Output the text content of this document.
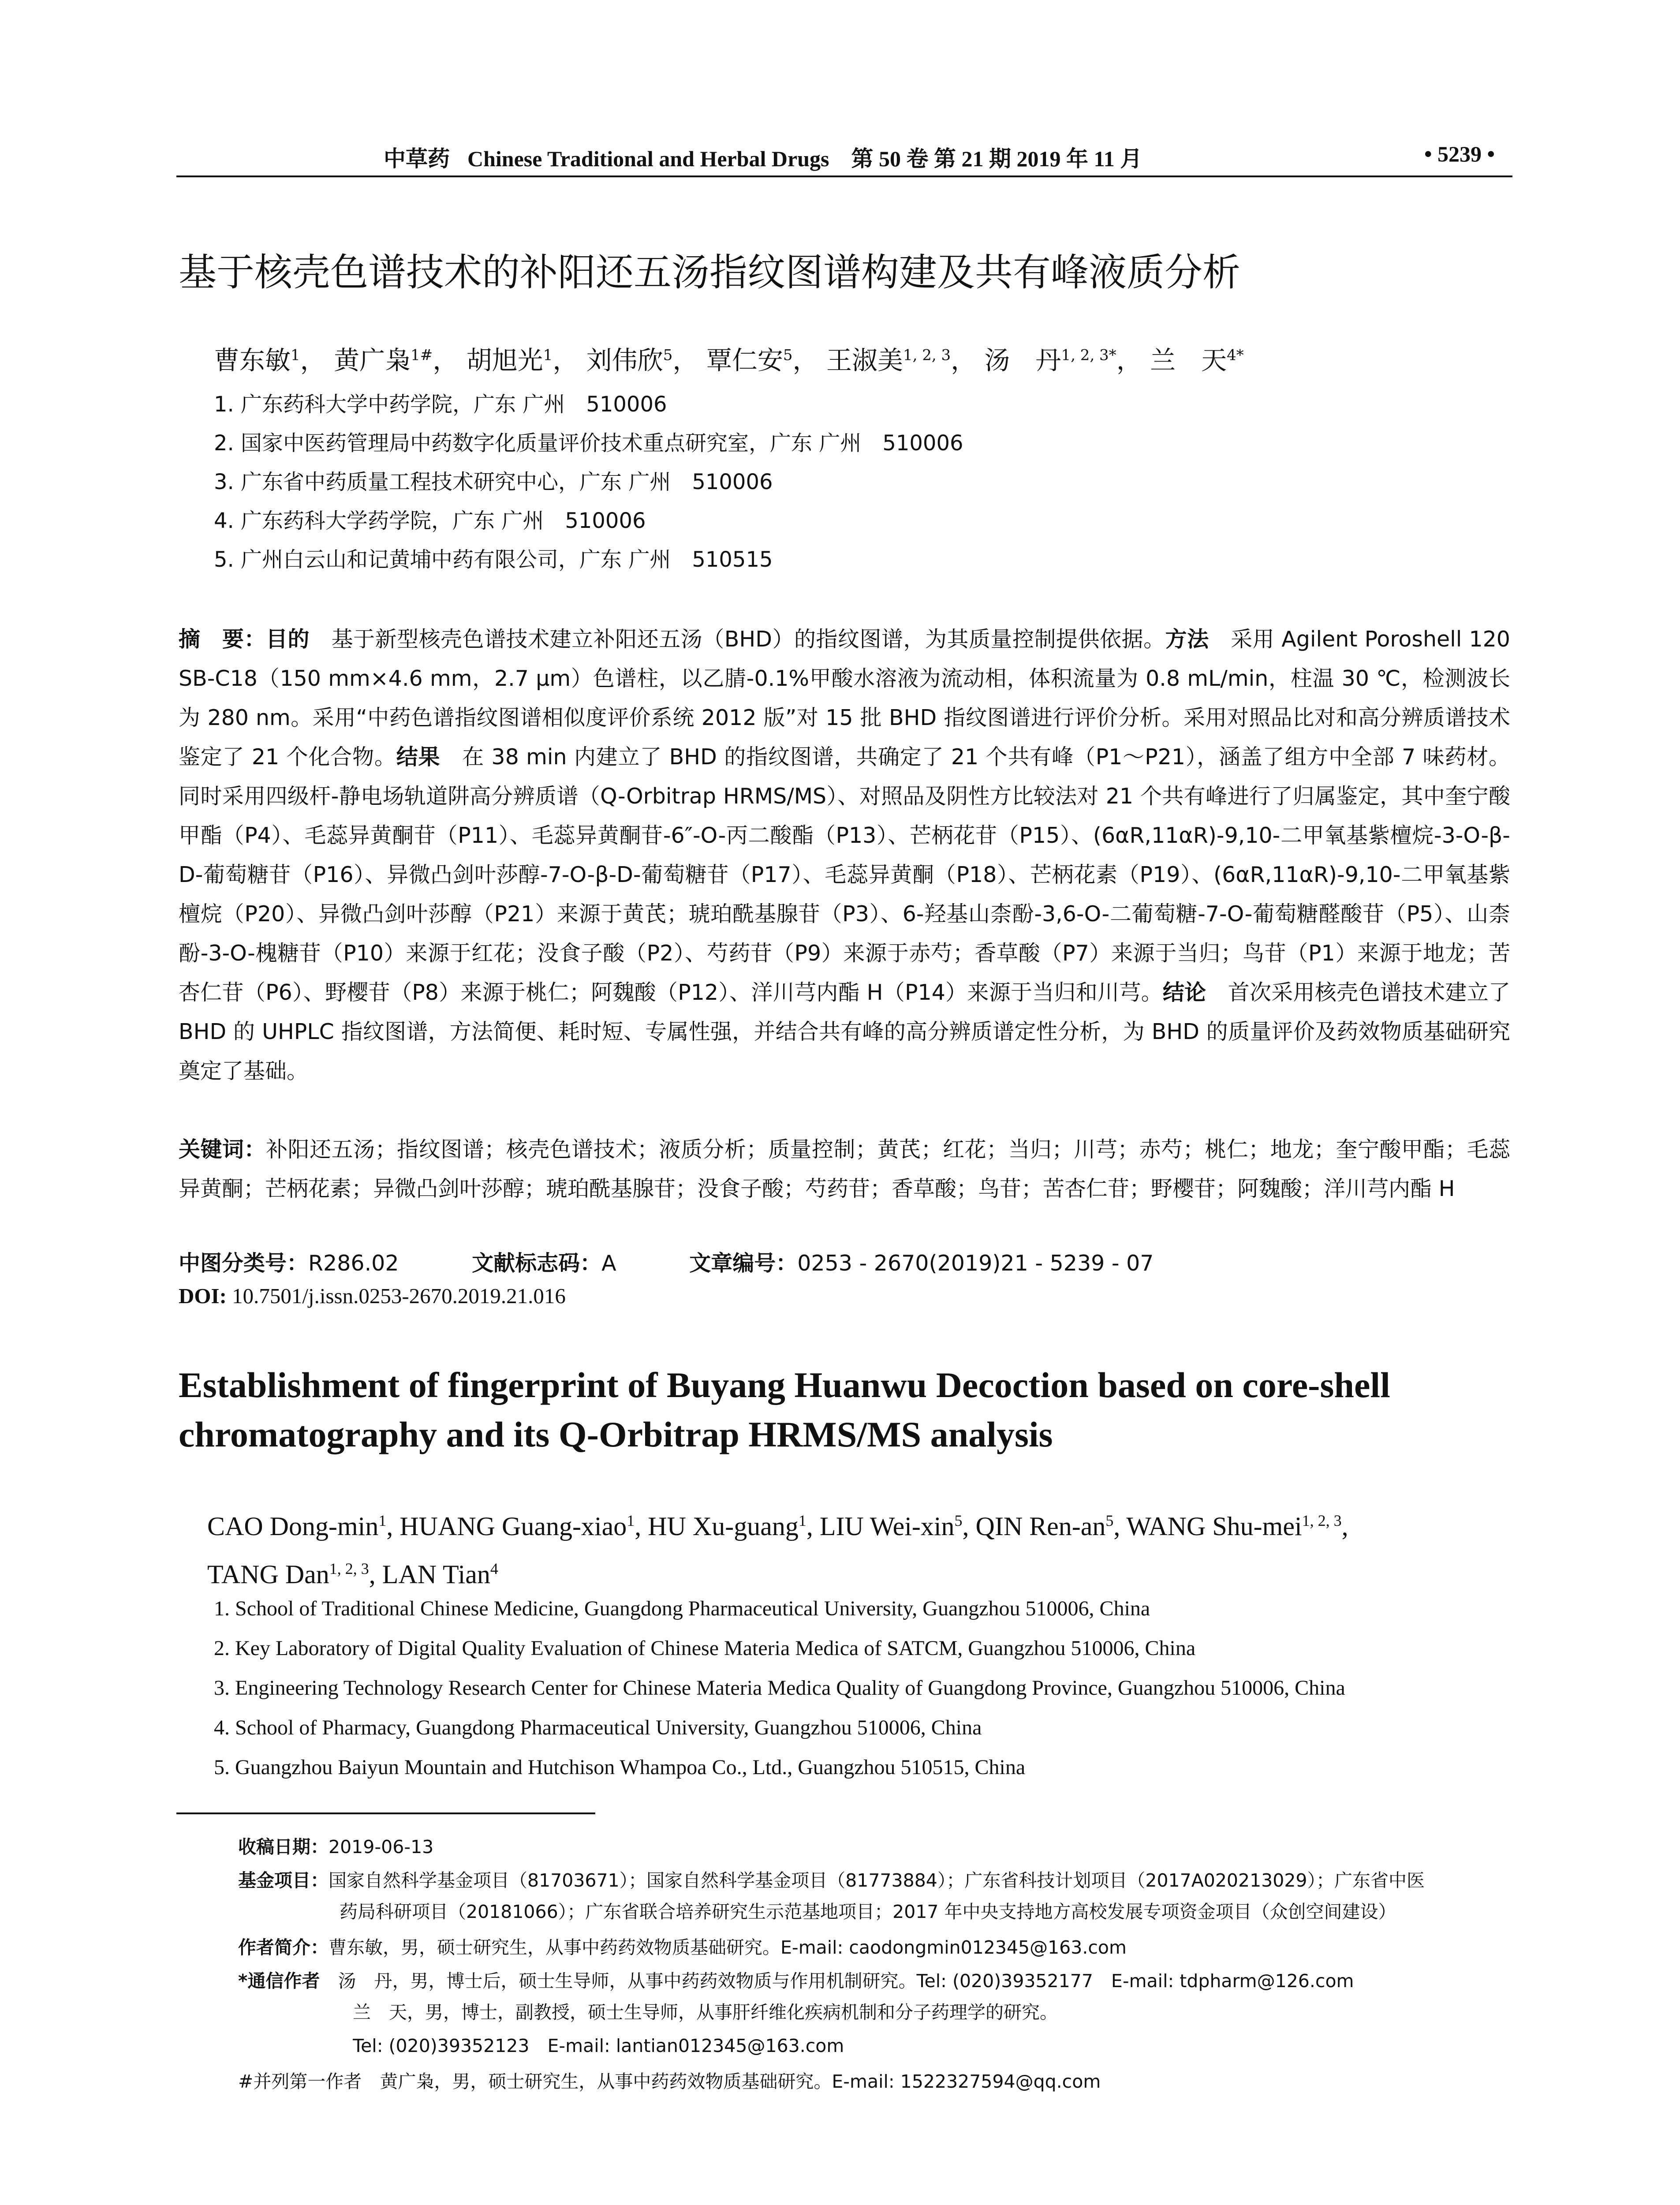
中草药 Chinese Traditional and Herbal Drugs　第 50 卷 第 21 期 2019 年 11 月	• 5239 •
基于核壳色谱技术的补阳还五汤指纹图谱构建及共有峰液质分析
曹东敏$^1$， 黄广枭$^{1\#}$， 胡旭光$^1$， 刘伟欣$^5$， 覃仁安$^5$， 王淑美$^{1, 2, 3}$， 汤　丹$^{1, 2, 3*}$， 兰　天$^{4*}$
1. 广东药科大学中药学院，广东 广州　510006
2. 国家中医药管理局中药数字化质量评价技术重点研究室，广东 广州　510006
3. 广东省中药质量工程技术研究中心，广东 广州　510006
4. 广东药科大学药学院，广东 广州　510006
5. 广州白云山和记黄埔中药有限公司，广东 广州　510515
摘　要：目的　基于新型核壳色谱技术建立补阳还五汤（BHD）的指纹图谱，为其质量控制提供依据。方法　采用 Agilent Poroshell 120 SB-C18（150 mm×4.6 mm，2.7 μm）色谱柱，以乙腈-0.1%甲酸水溶液为流动相，体积流量为 0.8 mL/min，柱温 30 ℃，检测波长为 280 nm。采用“中药色谱指纹图谱相似度评价系统 2012 版”对 15 批 BHD 指纹图谱进行评价分析。采用对照品比对和高分辨质谱技术鉴定了 21 个化合物。结果　在 38 min 内建立了 BHD 的指纹图谱，共确定了 21 个共有峰（P1～P21），涵盖了组方中全部 7 味药材。同时采用四级杆-静电场轨道阱高分辨质谱（Q-Orbitrap HRMS/MS）、对照品及阴性方比较法对 21 个共有峰进行了归属鉴定，其中奎宁酸甲酯（P4）、毛蕊异黄酮苷（P11）、毛蕊异黄酮苷-6″-O-丙二酸酯（P13）、芒柄花苷（P15）、(6αR,11αR)-9,10-二甲氧基紫檀烷-3-O-β-D-葡萄糖苷（P16）、异微凸剑叶莎醇-7-O-β-D-葡萄糖苷（P17）、毛蕊异黄酮（P18）、芒柄花素（P19）、(6αR,11αR)-9,10-二甲氧基紫檀烷（P20）、异微凸剑叶莎醇（P21）来源于黄芪；琥珀酰基腺苷（P3）、6-羟基山柰酚-3,6-O-二葡萄糖-7-O-葡萄糖醛酸苷（P5）、山柰酚-3-O-槐糖苷（P10）来源于红花；没食子酸（P2）、芍药苷（P9）来源于赤芍；香草酸（P7）来源于当归；鸟苷（P1）来源于地龙；苦杏仁苷（P6）、野樱苷（P8）来源于桃仁；阿魏酸（P12）、洋川芎内酯 H（P14）来源于当归和川芎。结论　首次采用核壳色谱技术建立了 BHD 的 UHPLC 指纹图谱，方法简便、耗时短、专属性强，并结合共有峰的高分辨质谱定性分析，为 BHD 的质量评价及药效物质基础研究奠定了基础。
关键词：补阳还五汤；指纹图谱；核壳色谱技术；液质分析；质量控制；黄芪；红花；当归；川芎；赤芍；桃仁；地龙；奎宁酸甲酯；毛蕊异黄酮；芒柄花素；异微凸剑叶莎醇；琥珀酰基腺苷；没食子酸；芍药苷；香草酸；鸟苷；苦杏仁苷；野樱苷；阿魏酸；洋川芎内酯 H
中图分类号：R286.02	文献标志码：A	文章编号：0253 - 2670(2019)21 - 5239 - 07
DOI: 10.7501/j.issn.0253-2670.2019.21.016
Establishment of fingerprint of Buyang Huanwu Decoction based on core-shell chromatography and its Q-Orbitrap HRMS/MS analysis
CAO Dong-$\min^1$, HUANG Guang-xiao$^1$, HU Xu-guang$^1$, LIU Wei-xin$^5$, QIN Ren-$an^5$, WANG Shu-mei$^{1, 2, 3}$,
TANG Dan$^{1, 2, 3}$, LAN Tian$^4$
1. School of Traditional Chinese Medicine, Guangdong Pharmaceutical University, Guangzhou 510006, China
2. Key Laboratory of Digital Quality Evaluation of Chinese Materia Medica of SATCM, Guangzhou 510006, China
3. Engineering Technology Research Center for Chinese Materia Medica Quality of Guangdong Province, Guangzhou 510006, China
4. School of Pharmacy, Guangdong Pharmaceutical University, Guangzhou 510006, China
5. Guangzhou Baiyun Mountain and Hutchison Whampoa Co., Ltd., Guangzhou 510515, China
收稿日期：2019-06-13
基金项目：国家自然科学基金项目（81703671）；国家自然科学基金项目（81773884）；广东省科技计划项目（2017A020213029）；广东省中医
药局科研项目（20181066）；广东省联合培养研究生示范基地项目；2017 年中央支持地方高校发展专项资金项目（众创空间建设）
作者简介：曹东敏，男，硕士研究生，从事中药药效物质基础研究。E-mail: caodongmin012345@163.com
*通信作者　汤　丹，男，博士后，硕士生导师，从事中药药效物质与作用机制研究。Tel: (020)39352177　E-mail: tdpharm@126.com
兰　天，男，博士，副教授，硕士生导师，从事肝纤维化疾病机制和分子药理学的研究。
Tel: (020)39352123　E-mail: lantian012345@163.com
#并列第一作者　黄广枭，男，硕士研究生，从事中药药效物质基础研究。E-mail: 1522327594@qq.com
